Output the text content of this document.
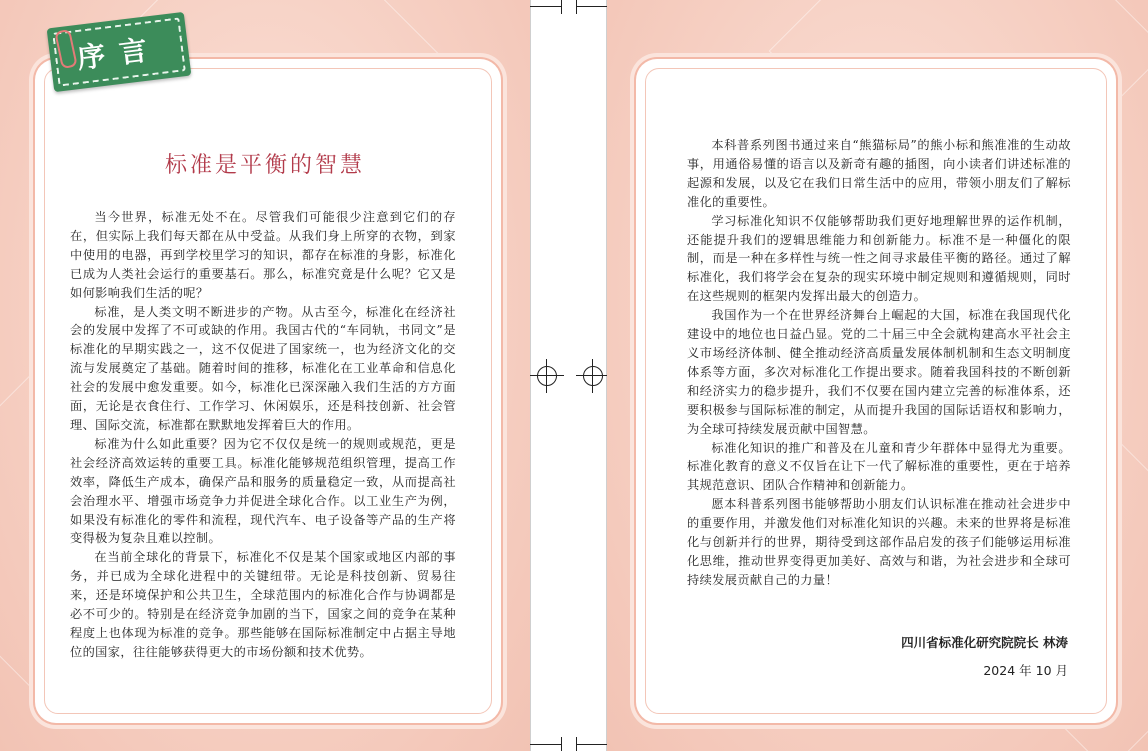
序言
标准是平衡的智慧

当今世界，标准无处不在。尽管我们可能很少注意到它们的存在，但实际上我们每天都在从中受益。从我们身上所穿的衣物，到家中使用的电器，再到学校里学习的知识，都存在标准的身影，标准化已成为人类社会运行的重要基石。那么，标准究竟是什么呢？它又是如何影响我们生活的呢？

标准，是人类文明不断进步的产物。从古至今，标准化在经济社会的发展中发挥了不可或缺的作用。我国古代的“车同轨，书同文”是标准化的早期实践之一，这不仅促进了国家统一，也为经济文化的交流与发展奠定了基础。随着时间的推移，标准化在工业革命和信息化社会的发展中愈发重要。如今，标准化已深深融入我们生活的方方面面，无论是衣食住行、工作学习、休闲娱乐，还是科技创新、社会管理、国际交流，标准都在默默地发挥着巨大的作用。

标准为什么如此重要？因为它不仅仅是统一的规则或规范，更是社会经济高效运转的重要工具。标准化能够规范组织管理，提高工作效率，降低生产成本，确保产品和服务的质量稳定一致，从而提高社会治理水平、增强市场竞争力并促进全球化合作。以工业生产为例，如果没有标准化的零件和流程，现代汽车、电子设备等产品的生产将变得极为复杂且难以控制。

在当前全球化的背景下，标准化不仅是某个国家或地区内部的事务，并已成为全球化进程中的关键纽带。无论是科技创新、贸易往来，还是环境保护和公共卫生，全球范围内的标准化合作与协调都是必不可少的。特别是在经济竞争加剧的当下，国家之间的竞争在某种程度上也体现为标准的竞争。那些能够在国际标准制定中占据主导地位的国家，往往能够获得更大的市场份额和技术优势。

本科普系列图书通过来自“熊猫标局”的熊小标和熊准准的生动故事，用通俗易懂的语言以及新奇有趣的插图，向小读者们讲述标准的起源和发展，以及它在我们日常生活中的应用，带领小朋友们了解标准化的重要性。

学习标准化知识不仅能够帮助我们更好地理解世界的运作机制，还能提升我们的逻辑思维能力和创新能力。标准不是一种僵化的限制，而是一种在多样性与统一性之间寻求最佳平衡的路径。通过了解标准化，我们将学会在复杂的现实环境中制定规则和遵循规则，同时在这些规则的框架内发挥出最大的创造力。

我国作为一个在世界经济舞台上崛起的大国，标准在我国现代化建设中的地位也日益凸显。党的二十届三中全会就构建高水平社会主义市场经济体制、健全推动经济高质量发展体制机制和生态文明制度体系等方面，多次对标准化工作提出要求。随着我国科技的不断创新和经济实力的稳步提升，我们不仅要在国内建立完善的标准体系，还要积极参与国际标准的制定，从而提升我国的国际话语权和影响力，为全球可持续发展贡献中国智慧。

标准化知识的推广和普及在儿童和青少年群体中显得尤为重要。标准化教育的意义不仅旨在让下一代了解标准的重要性，更在于培养其规范意识、团队合作精神和创新能力。

愿本科普系列图书能够帮助小朋友们认识标准在推动社会进步中的重要作用，并激发他们对标准化知识的兴趣。未来的世界将是标准化与创新并行的世界，期待受到这部作品启发的孩子们能够运用标准化思维，推动世界变得更加美好、高效与和谐，为社会进步和全球可持续发展贡献自己的力量！

四川省标准化研究院院长 林涛
2024 年 10 月
